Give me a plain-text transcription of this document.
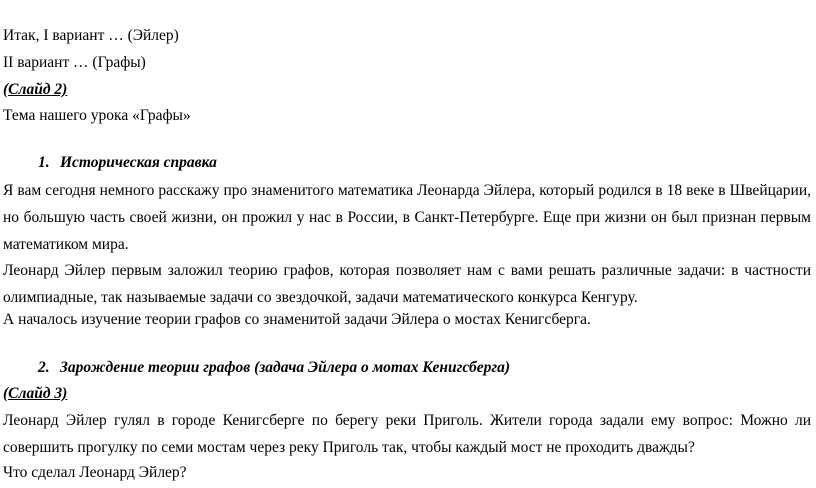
Итак, I вариант … (Эйлер)
II вариант … (Графы)
(Слайд 2)
Тема нашего урока «Графы»
1. Историческая справка
Я вам сегодня немного расскажу про знаменитого математика Леонарда Эйлера, который родился в 18 веке в Швейцарии, но большую часть своей жизни, он прожил у нас в России, в Санкт-Петербурге. Еще при жизни он был признан первым математиком мира.
Леонард Эйлер первым заложил теорию графов, которая позволяет нам с вами решать различные задачи: в частности олимпиадные, так называемые задачи со звездочкой, задачи математического конкурса Кенгуру.
А началось изучение теории графов со знаменитой задачи Эйлера о мостах Кенигсберга.
2. Зарождение теории графов (задача Эйлера о мотах Кенигсберга)
(Слайд 3)
Леонард Эйлер гулял в городе Кенигсберге по берегу реки Приголь. Жители города задали ему вопрос: Можно ли совершить прогулку по семи мостам через реку Приголь так, чтобы каждый мост не проходить дважды?
Что сделал Леонард Эйлер?
